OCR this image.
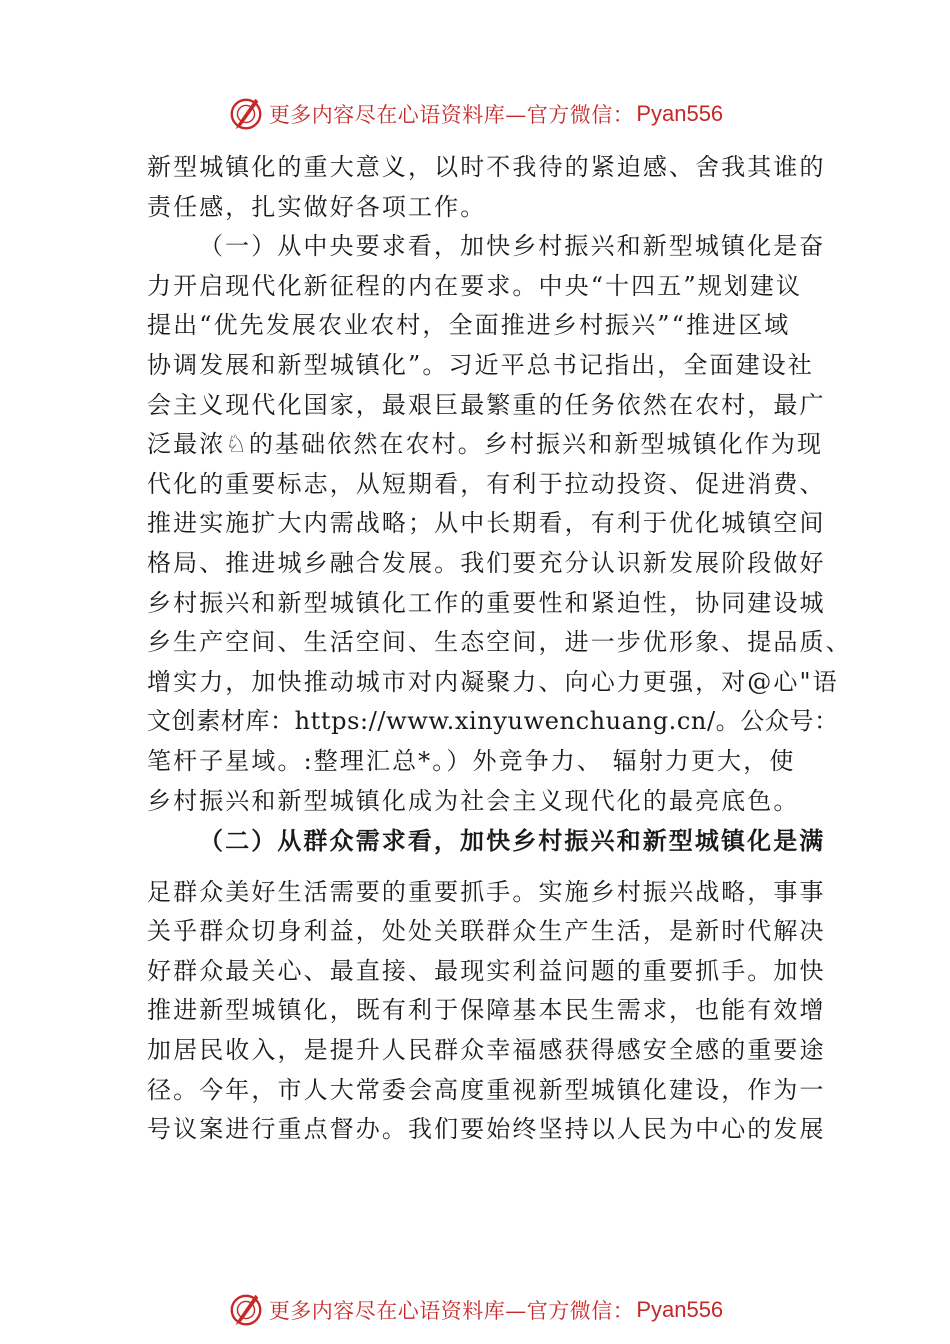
更多内容尽在心语资料库—官方微信： Pyan556
新型城镇化的重大意义，以时不我待的紧迫感、舍我其谁的
责任感，扎实做好各项工作。
（一）从中央要求看，加快乡村振兴和新型城镇化是奋
力开启现代化新征程的内在要求。中央“十四五”规划建议
提出“优先发展农业农村，全面推进乡村振兴”“推进区域
协调发展和新型城镇化”。习近平总书记指出，全面建设社
会主义现代化国家，最艰巨最繁重的任务依然在农村，最广
泛最浓♘的基础依然在农村。乡村振兴和新型城镇化作为现
代化的重要标志，从短期看，有利于拉动投资、促进消费、
推进实施扩大内需战略；从中长期看，有利于优化城镇空间
格局、推进城乡融合发展。我们要充分认识新发展阶段做好
乡村振兴和新型城镇化工作的重要性和紧迫性，协同建设城
乡生产空间、生活空间、生态空间，进一步优形象、提品质、
增实力，加快推动城市对内凝聚力、向心力更强，对@心"语
文创素材库：https://www.xinyuwenchuang.cn/。公众号：
笔杆子星域。:整理汇总*。）外竞争力、 辐射力更大，使
乡村振兴和新型城镇化成为社会主义现代化的最亮底色。
（二）从群众需求看，加快乡村振兴和新型城镇化是满
足群众美好生活需要的重要抓手。实施乡村振兴战略，事事
关乎群众切身利益，处处关联群众生产生活，是新时代解决
好群众最关心、最直接、最现实利益问题的重要抓手。加快
推进新型城镇化，既有利于保障基本民生需求，也能有效增
加居民收入，是提升人民群众幸福感获得感安全感的重要途
径。今年，市人大常委会高度重视新型城镇化建设，作为一
号议案进行重点督办。我们要始终坚持以人民为中心的发展
更多内容尽在心语资料库—官方微信： Pyan556
